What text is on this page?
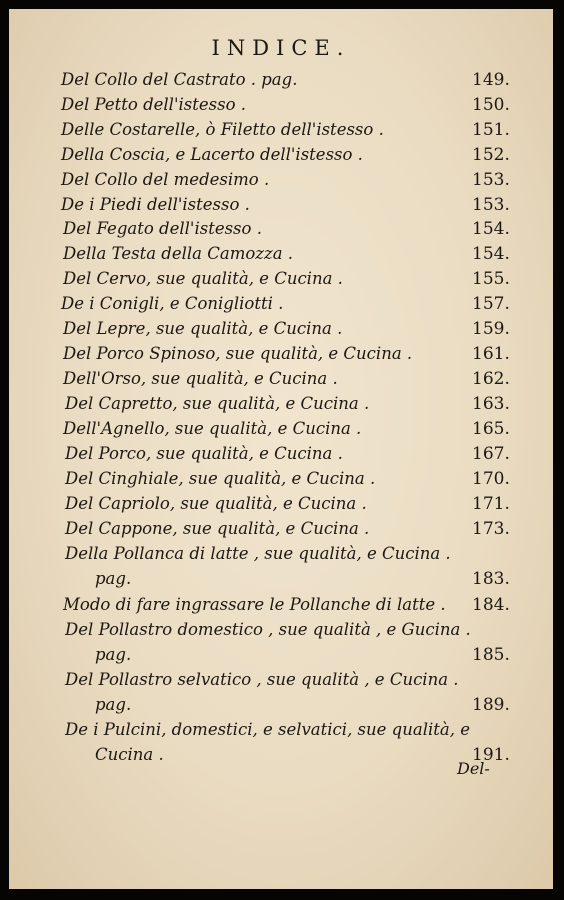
INDICE.
Del Collo del Castrato . pag.	149.
Del Petto dell'istesso .	150.
Delle Costarelle, ò Filetto dell'istesso .	151.
Della Coscia, e Lacerto dell'istesso .	152.
Del Collo del medesimo .	153.
De i Piedi dell'istesso .	153.
Del Fegato dell'istesso .	154.
Della Testa della Camozza .	154.
Del Cervo, sue qualità, e Cucina .	155.
De i Conigli, e Conigliotti .	157.
Del Lepre, sue qualità, e Cucina .	159.
Del Porco Spinoso, sue qualità, e Cucina .	161.
Dell'Orso, sue qualità, e Cucina .	162.
Del Capretto, sue qualità, e Cucina .	163.
Dell'Agnello, sue qualità, e Cucina .	165.
Del Porco, sue qualità, e Cucina .	167.
Del Cinghiale, sue qualità, e Cucina .	170.
Del Capriolo, sue qualità, e Cucina .	171.
Del Cappone, sue qualità, e Cucina .	173.
Della Pollanca di latte , sue qualità, e Cucina .
pag.	183.
Modo di fare ingrassare le Pollanche di latte . 184.
Del Pollastro domestico , sue qualità , e Gucina .
pag.	185.
Del Pollastro selvatico , sue qualità , e Cucina .
pag.	189.
De i Pulcini, domestici, e selvatici, sue qualità, e
Cucina .	191.
Del-
